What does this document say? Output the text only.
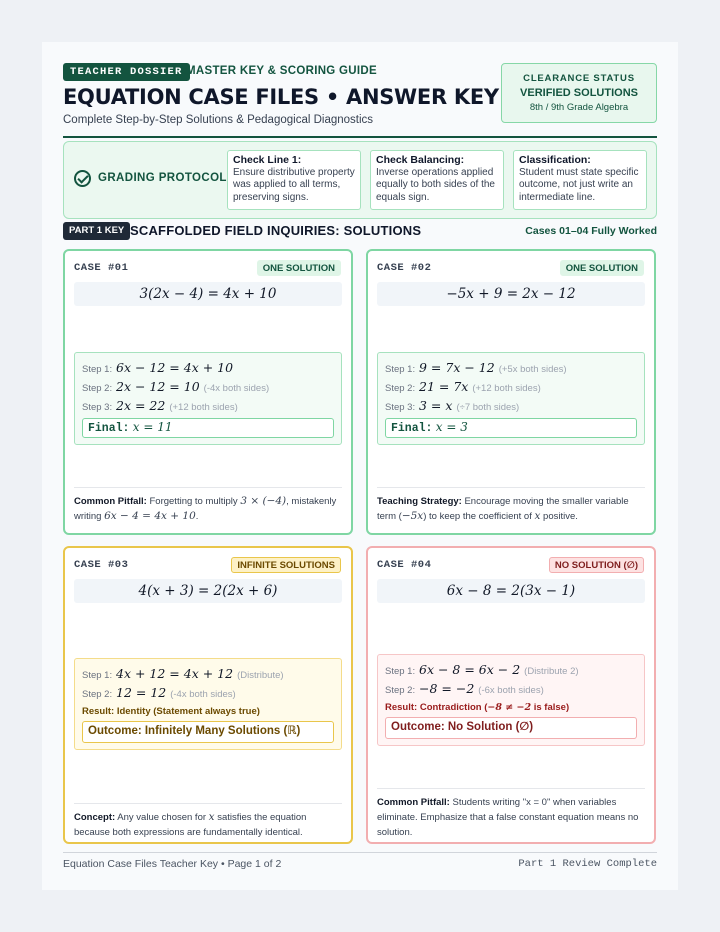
TEACHER DOSSIER MASTER KEY & SCORING GUIDE
EQUATION CASE FILES • ANSWER KEY
Complete Step-by-Step Solutions & Pedagogical Diagnostics
CLEARANCE STATUS
VERIFIED SOLUTIONS
8th / 9th Grade Algebra
GRADING PROTOCOL
Check Line 1:
Ensure distributive property was applied to all terms, preserving signs.
Check Balancing:
Inverse operations applied equally to both sides of the equals sign.
Classification:
Student must state specific outcome, not just write an intermediate line.
PART 1 KEY SCAFFOLDED FIELD INQUIRIES: SOLUTIONS	Cases 01–04 Fully Worked
CASE #01	ONE SOLUTION
3(2x − 4) = 4x + 10
Step 1: 6x − 12 = 4x + 10
Step 2: 2x − 12 = 10 (-4x both sides)
Step 3: 2x = 22 (+12 both sides)
Final: x = 11
Common Pitfall: Forgetting to multiply 3 × (−4), mistakenly writing 6x − 4 = 4x + 10.
CASE #02	ONE SOLUTION
−5x + 9 = 2x − 12
Step 1: 9 = 7x − 12 (+5x both sides)
Step 2: 21 = 7x (+12 both sides)
Step 3: 3 = x (÷7 both sides)
Final: x = 3
Teaching Strategy: Encourage moving the smaller variable term (−5x) to keep the coefficient of x positive.
CASE #03	INFINITE SOLUTIONS
4(x + 3) = 2(2x + 6)
Step 1: 4x + 12 = 4x + 12 (Distribute)
Step 2: 12 = 12 (-4x both sides)
Result: Identity (Statement always true)
Outcome: Infinitely Many Solutions (ℝ)
Concept: Any value chosen for x satisfies the equation because both expressions are fundamentally identical.
CASE #04	NO SOLUTION (∅)
6x − 8 = 2(3x − 1)
Step 1: 6x − 8 = 6x − 2 (Distribute 2)
Step 2: −8 = −2 (-6x both sides)
Result: Contradiction (−8 ≠ −2 is false)
Outcome: No Solution (∅)
Common Pitfall: Students writing "x = 0" when variables eliminate. Emphasize that a false constant equation means no solution.
Equation Case Files Teacher Key • Page 1 of 2	Part 1 Review Complete
